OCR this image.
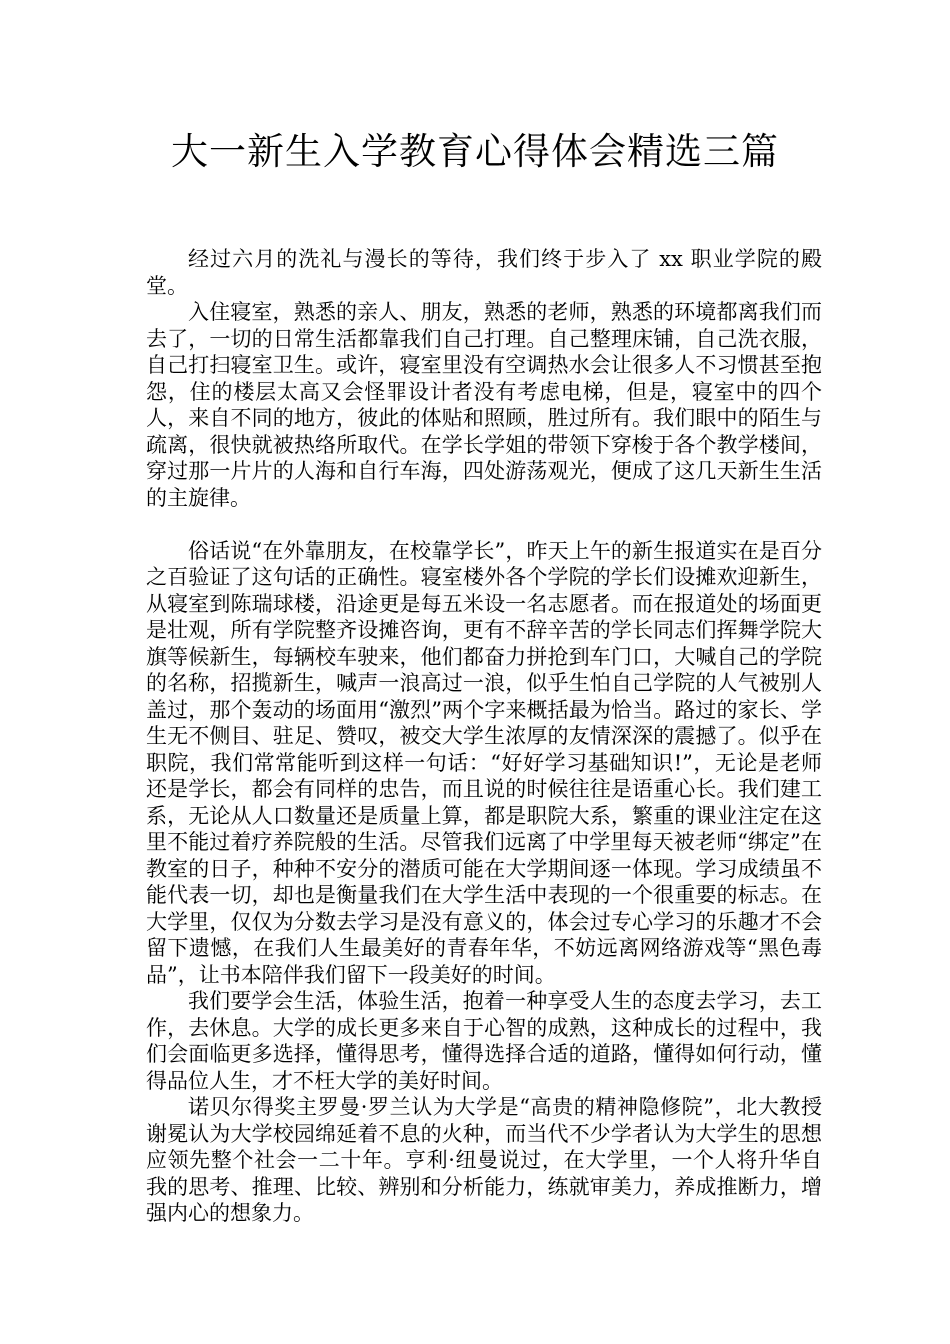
大一新生入学教育心得体会精选三篇

经过六月的洗礼与漫长的等待，我们终于步入了 xx 职业学院的殿堂。

入住寝室，熟悉的亲人、朋友，熟悉的老师，熟悉的环境都离我们而去了，一切的日常生活都靠我们自己打理。自己整理床铺，自己洗衣服，自己打扫寝室卫生。或许，寝室里没有空调热水会让很多人不习惯甚至抱怨，住的楼层太高又会怪罪设计者没有考虑电梯，但是，寝室中的四个人，来自不同的地方，彼此的体贴和照顾，胜过所有。我们眼中的陌生与疏离，很快就被热络所取代。在学长学姐的带领下穿梭于各个教学楼间，穿过那一片片的人海和自行车海，四处游荡观光，便成了这几天新生生活的主旋律。

俗话说“在外靠朋友，在校靠学长”，昨天上午的新生报道实在是百分之百验证了这句话的正确性。寝室楼外各个学院的学长们设摊欢迎新生，从寝室到陈瑞球楼，沿途更是每五米设一名志愿者。而在报道处的场面更是壮观，所有学院整齐设摊咨询，更有不辞辛苦的学长同志们挥舞学院大旗等候新生，每辆校车驶来，他们都奋力拼抢到车门口，大喊自己的学院的名称，招揽新生，喊声一浪高过一浪，似乎生怕自己学院的人气被别人盖过，那个轰动的场面用“激烈”两个字来概括最为恰当。路过的家长、学生无不侧目、驻足、赞叹，被交大学生浓厚的友情深深的震撼了。似乎在职院，我们常常能听到这样一句话：“好好学习基础知识!”，无论是老师还是学长，都会有同样的忠告，而且说的时候往往是语重心长。我们建工系，无论从人口数量还是质量上算，都是职院大系，繁重的课业注定在这里不能过着疗养院般的生活。尽管我们远离了中学里每天被老师“绑定”在教室的日子，种种不安分的潜质可能在大学期间逐一体现。学习成绩虽不能代表一切，却也是衡量我们在大学生活中表现的一个很重要的标志。在大学里，仅仅为分数去学习是没有意义的，体会过专心学习的乐趣才不会留下遗憾，在我们人生最美好的青春年华，不妨远离网络游戏等“黑色毒品”，让书本陪伴我们留下一段美好的时间。

我们要学会生活，体验生活，抱着一种享受人生的态度去学习，去工作，去休息。大学的成长更多来自于心智的成熟，这种成长的过程中，我们会面临更多选择，懂得思考，懂得选择合适的道路，懂得如何行动，懂得品位人生，才不枉大学的美好时间。

诺贝尔得奖主罗曼·罗兰认为大学是“高贵的精神隐修院”，北大教授谢冕认为大学校园绵延着不息的火种，而当代不少学者认为大学生的思想应领先整个社会一二十年。亨利·纽曼说过，在大学里，一个人将升华自我的思考、推理、比较、辨别和分析能力，练就审美力，养成推断力，增强内心的想象力。
